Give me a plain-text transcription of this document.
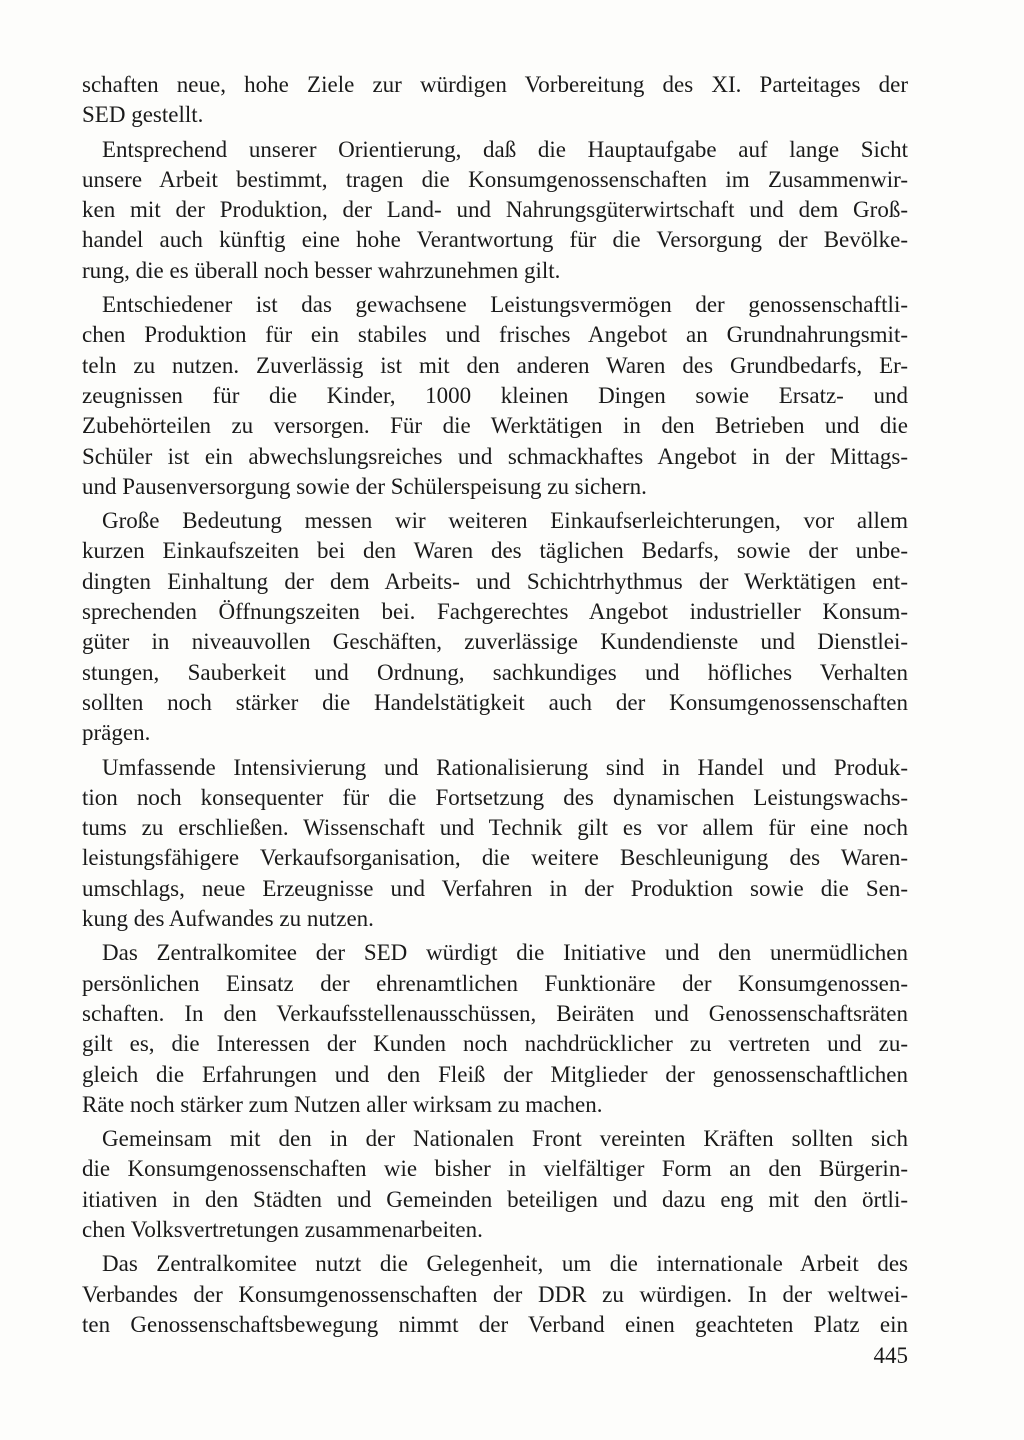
schaften neue, hohe Ziele zur würdigen Vorbereitung des XI. Parteitages der
SED gestellt.
Entsprechend unserer Orientierung, daß die Hauptaufgabe auf lange Sicht
unsere Arbeit bestimmt, tragen die Konsumgenossenschaften im Zusammenwir-
ken mit der Produktion, der Land- und Nahrungsgüterwirtschaft und dem Groß-
handel auch künftig eine hohe Verantwortung für die Versorgung der Bevölke-
rung, die es überall noch besser wahrzunehmen gilt.
Entschiedener ist das gewachsene Leistungsvermögen der genossenschaftli-
chen Produktion für ein stabiles und frisches Angebot an Grundnahrungsmit-
teln zu nutzen. Zuverlässig ist mit den anderen Waren des Grundbedarfs, Er-
zeugnissen für die Kinder, 1000 kleinen Dingen sowie Ersatz- und
Zubehörteilen zu versorgen. Für die Werktätigen in den Betrieben und die
Schüler ist ein abwechslungsreiches und schmackhaftes Angebot in der Mittags-
und Pausenversorgung sowie der Schülerspeisung zu sichern.
Große Bedeutung messen wir weiteren Einkaufserleichterungen, vor allem
kurzen Einkaufszeiten bei den Waren des täglichen Bedarfs, sowie der unbe-
dingten Einhaltung der dem Arbeits- und Schichtrhythmus der Werktätigen ent-
sprechenden Öffnungszeiten bei. Fachgerechtes Angebot industrieller Konsum-
güter in niveauvollen Geschäften, zuverlässige Kundendienste und Dienstlei-
stungen, Sauberkeit und Ordnung, sachkundiges und höfliches Verhalten
sollten noch stärker die Handelstätigkeit auch der Konsumgenossenschaften
prägen.
Umfassende Intensivierung und Rationalisierung sind in Handel und Produk-
tion noch konsequenter für die Fortsetzung des dynamischen Leistungswachs-
tums zu erschließen. Wissenschaft und Technik gilt es vor allem für eine noch
leistungsfähigere Verkaufsorganisation, die weitere Beschleunigung des Waren-
umschlags, neue Erzeugnisse und Verfahren in der Produktion sowie die Sen-
kung des Aufwandes zu nutzen.
Das Zentralkomitee der SED würdigt die Initiative und den unermüdlichen
persönlichen Einsatz der ehrenamtlichen Funktionäre der Konsumgenossen-
schaften. In den Verkaufsstellenausschüssen, Beiräten und Genossenschaftsräten
gilt es, die Interessen der Kunden noch nachdrücklicher zu vertreten und zu-
gleich die Erfahrungen und den Fleiß der Mitglieder der genossenschaftlichen
Räte noch stärker zum Nutzen aller wirksam zu machen.
Gemeinsam mit den in der Nationalen Front vereinten Kräften sollten sich
die Konsumgenossenschaften wie bisher in vielfältiger Form an den Bürgerin-
itiativen in den Städten und Gemeinden beteiligen und dazu eng mit den örtli-
chen Volksvertretungen zusammenarbeiten.
Das Zentralkomitee nutzt die Gelegenheit, um die internationale Arbeit des
Verbandes der Konsumgenossenschaften der DDR zu würdigen. In der weltwei-
ten Genossenschaftsbewegung nimmt der Verband einen geachteten Platz ein
445
